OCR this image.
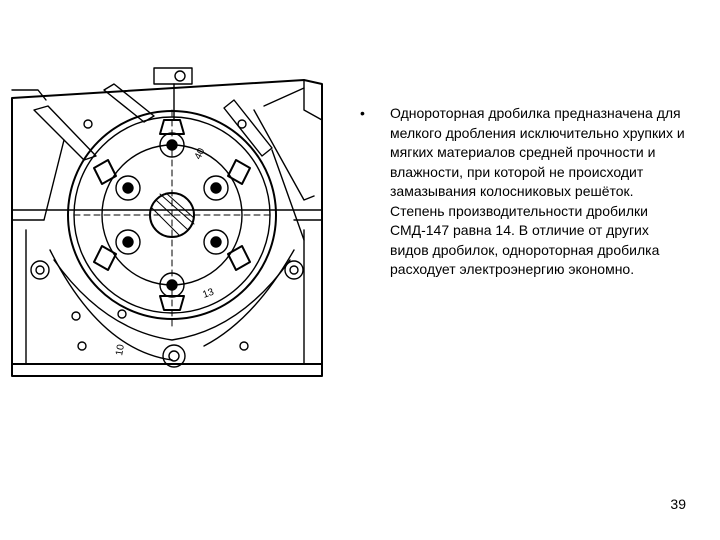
10
13
40
•	Однороторная дробилка предназначена для мелкого дробления исключительно хрупких и мягких материалов средней прочности и влажности, при которой не происходит замазывания колосниковых решёток. Степень производительности дробилки СМД-147 равна 14. В отличие от других видов дробилок, однороторная дробилка расходует электроэнергию экономно.

39
